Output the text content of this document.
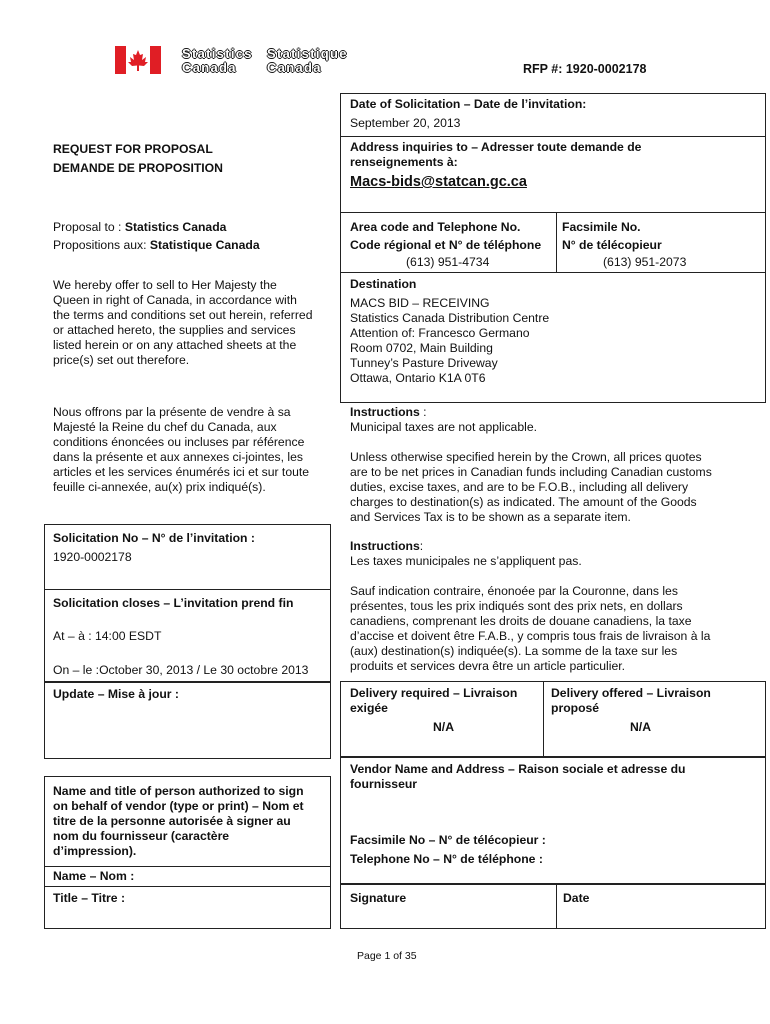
Statistics
Canada
Statistique
Canada	RFP #: 1920-0002178
Date of Solicitation – Date de l’invitation:
September 20, 2013
Address inquiries to – Adresser toute demande de
renseignements à:
Macs-bids@statcan.gc.ca
Area code and Telephone No.
Code régional et N° de téléphone
(613) 951-4734
Facsimile No.
N° de télécopieur
(613) 951-2073
Destination
MACS BID – RECEIVING
Statistics Canada Distribution Centre
Attention of: Francesco Germano
Room 0702, Main Building
Tunney’s Pasture Driveway
Ottawa, Ontario K1A 0T6
Instructions :
Municipal taxes are not applicable.
Unless otherwise specified herein by the Crown, all prices quotes
are to be net prices in Canadian funds including Canadian customs
duties, excise taxes, and are to be F.O.B., including all delivery
charges to destination(s) as indicated. The amount of the Goods
and Services Tax is to be shown as a separate item.
Instructions:
Les taxes municipales ne s’appliquent pas.
Sauf indication contraire, énonoée par la Couronne, dans les
présentes, tous les prix indiqués sont des prix nets, en dollars
canadiens, comprenant les droits de douane canadiens, la taxe
d’accise et doivent être F.A.B., y compris tous frais de livraison à la
(aux) destination(s) indiquée(s). La somme de la taxe sur les
produits et services devra être un article particulier.
Delivery required – Livraison
exigée
N/A
Delivery offered – Livraison
proposé
N/A
Vendor Name and Address – Raison sociale et adresse du
fournisseur
Facsimile No – N° de télécopieur :
Telephone No – N° de téléphone :
Signature	Date
REQUEST FOR PROPOSAL
DEMANDE DE PROPOSITION
Proposal to : Statistics Canada
Propositions aux: Statistique Canada
We hereby offer to sell to Her Majesty the
Queen in right of Canada, in accordance with
the terms and conditions set out herein, referred
or attached hereto, the supplies and services
listed herein or on any attached sheets at the
price(s) set out therefore.
Nous offrons par la présente de vendre à sa
Majesté la Reine du chef du Canada, aux
conditions énoncées ou incluses par référence
dans la présente et aux annexes ci-jointes, les
articles et les services énumérés ici et sur toute
feuille ci-annexée, au(x) prix indiqué(s).
Solicitation No – N° de l’invitation :
1920-0002178
Solicitation closes – L’invitation prend fin
At – à : 14:00 ESDT
On – le :October 30, 2013 / Le 30 octobre 2013
Update – Mise à jour :
Name and title of person authorized to sign
on behalf of vendor (type or print) – Nom et
titre de la personne autorisée à signer au
nom du fournisseur (caractère
d’impression).
Name – Nom :
Title – Titre :
Page 1 of 35
